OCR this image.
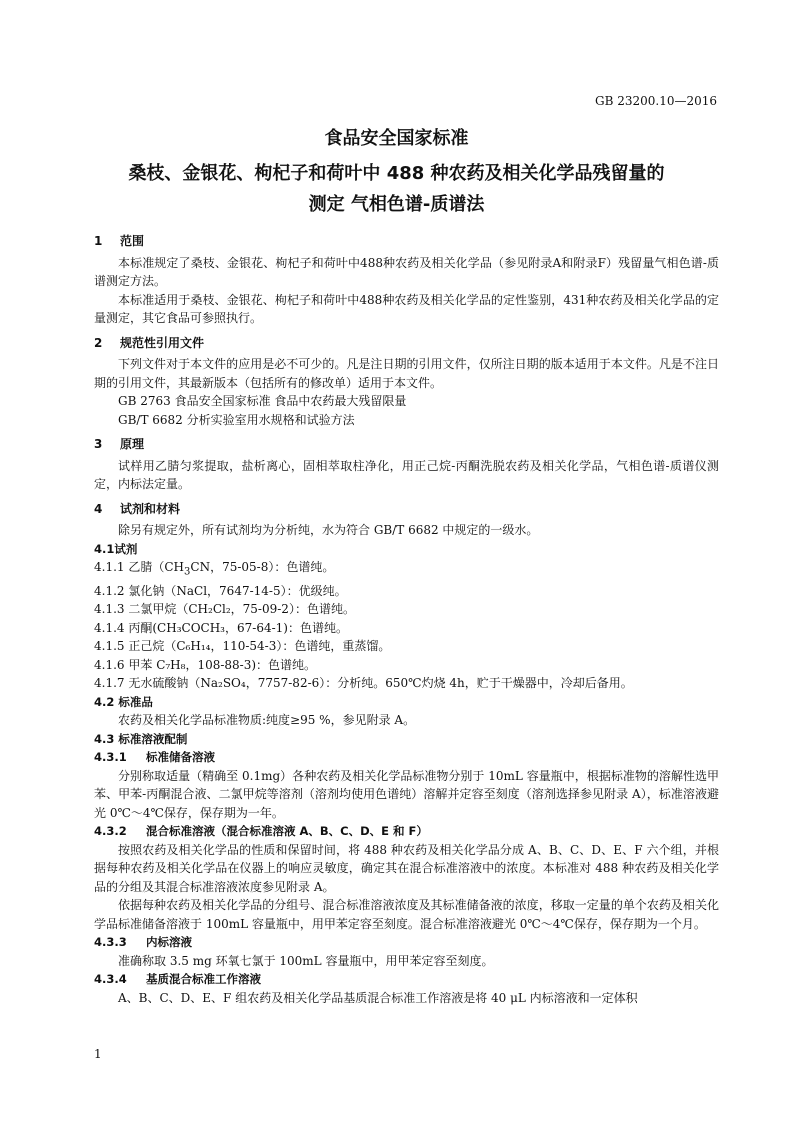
GB 23200.10—2016
食品安全国家标准
桑枝、金银花、枸杞子和荷叶中 488 种农药及相关化学品残留量的
测定 气相色谱-质谱法
1 范围

本标准规定了桑枝、金银花、枸杞子和荷叶中488种农药及相关化学品（参见附录A和附录F）残留量气相色谱-质谱测定方法。

本标准适用于桑枝、金银花、枸杞子和荷叶中488种农药及相关化学品的定性鉴别，431种农药及相关化学品的定量测定，其它食品可参照执行。

2 规范性引用文件

下列文件对于本文件的应用是必不可少的。凡是注日期的引用文件，仅所注日期的版本适用于本文件。凡是不注日期的引用文件，其最新版本（包括所有的修改单）适用于本文件。

GB 2763 食品安全国家标准 食品中农药最大残留限量

GB/T 6682 分析实验室用水规格和试验方法

3 原理

试样用乙腈匀浆提取，盐析离心，固相萃取柱净化，用正己烷-丙酮洗脱农药及相关化学品，气相色谱-质谱仪测定，内标法定量。

4 试剂和材料

除另有规定外，所有试剂均为分析纯，水为符合 GB/T 6682 中规定的一级水。

4.1试剂

4.1.1 乙腈（$CH_3CN$，75-05-8）：色谱纯。

4.1.2 氯化钠（NaCl，7647-14-5）：优级纯。

4.1.3 二氯甲烷（CH₂Cl₂，75-09-2）：色谱纯。

4.1.4 丙酮(CH₃COCH₃，67-64-1)：色谱纯。

4.1.5 正己烷（C₆H₁₄，110-54-3）：色谱纯，重蒸馏。

4.1.6 甲苯 C₇H₈，108-88-3)：色谱纯。

4.1.7 无水硫酸钠（Na₂SO₄，7757-82-6）：分析纯。650℃灼烧 4h，贮于干燥器中，冷却后备用。

4.2 标准品

农药及相关化学品标准物质:纯度≥95 %，参见附录 A。

4.3 标准溶液配制
4.3.1 标准储备溶液

分别称取适量（精确至 0.1mg）各种农药及相关化学品标准物分别于 10mL 容量瓶中，根据标准物的溶解性选甲苯、甲苯-丙酮混合液、二氯甲烷等溶剂（溶剂均使用色谱纯）溶解并定容至刻度（溶剂选择参见附录 A），标准溶液避光 0℃～4℃保存，保存期为一年。

4.3.2 混合标准溶液（混合标准溶液 A、B、C、D、E 和 F）

按照农药及相关化学品的性质和保留时间，将 488 种农药及相关化学品分成 A、B、C、D、E、F 六个组，并根据每种农药及相关化学品在仪器上的响应灵敏度，确定其在混合标准溶液中的浓度。本标准对 488 种农药及相关化学品的分组及其混合标准溶液浓度参见附录 A。

依据每种农药及相关化学品的分组号、混合标准溶液浓度及其标准储备液的浓度，移取一定量的单个农药及相关化学品标准储备溶液于 100mL 容量瓶中，用甲苯定容至刻度。混合标准溶液避光 0℃～4℃保存，保存期为一个月。

4.3.3 内标溶液

准确称取 3.5 mg 环氧七氯于 100mL 容量瓶中，用甲苯定容至刻度。

4.3.4 基质混合标准工作溶液

A、B、C、D、E、F 组农药及相关化学品基质混合标准工作溶液是将 40 μL 内标溶液和一定体积

1
